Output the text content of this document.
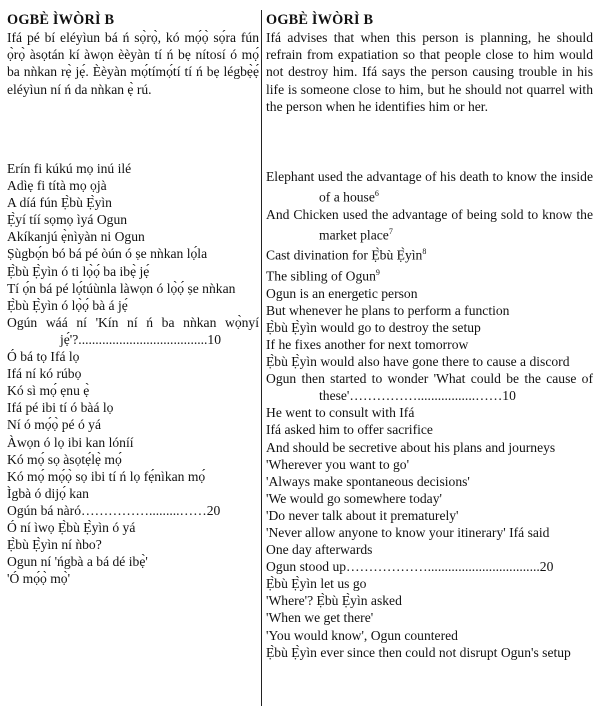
OGBÈ ÌWÒRÌ B
Ifá pé bí eléyìun bá ń sọ̀rọ̀, kó mọ́ọ̀ sọ́ra fún ọ̀rọ̀ àsọtán kí àwọn èèyàn tí ń bẹ nítosí ó mọ́ ba nǹkan rẹ̀ jẹ́. Èèyàn mọ́tímọ́tí tí ń bẹ légbẹ̀ẹ́ eléyìun ní ń da nǹkan ẹ̀ rú.
Erín fi kúkú mọ inú ilé
Adìẹ fi títà mọ ọjà
A díá fún Ẹ̀bù Ẹ̀yìn
Ẹ̀yí tíí sọmọ ìyá Ogun
Akíkanjú ẹ̀nìyàn ni Ogun
Ṣùgbọ́n bó bá pé òún ó ṣe nǹkan lọ́la
Ẹ̀bù Ẹ̀yìn ó ti lọ̀ọ́ ba ibẹ̀ jẹ́
Tí ọ́n bá pé lọ́túùnla làwọn ó lọ̀ọ́ ṣe nǹkan
Ẹ̀bù Ẹ̀yìn ó lọ̀ọ́ bà á jẹ́
Ogún wáá ní 'Kín ní ń ba nǹkan wọ̀nyí jẹ́'?......................................10
Ó bá tọ Ifá lọ
Ifá ní kó rúbọ
Kó sì mọ́ ẹnu ẹ̀
Ifá pé ibi tí ó bàá lọ
Ní ó mọ́ọ̀ pé ó yá
Àwọn ó lọ ibi kan lóníí
Kó mọ́ sọ àsọtẹ́lẹ̀ mọ́
Kó mọ́ mọ́ọ̀ sọ ibi tí ń lọ fẹ́nìkan mọ́
Ìgbà ó dijọ́ kan
Ogún bá nàró…………….........……20
Ó ní ìwọ Ẹ̀bù Ẹ̀yìn ó yá
Ẹ̀bù Ẹ̀yìn ní ǹbo?
Ogun ní 'ńgbà a bá dé ibẹ̀'
'Ó mọ́ọ̀ mọ̀'
OGBÈ ÌWÒRÌ B
Ifá advises that when this person is planning, he should refrain from expatiation so that people close to him would not destroy him. Ifá says the person causing trouble in his life is someone close to him, but he should not quarrel with the person when he identifies him or her.
Elephant used the advantage of his death to know the inside of a house$^6$
And Chicken used the advantage of being sold to know the market place$^7$
Cast divination for Ẹ̀bù Ẹ̀yìn$^8$
The sibling of Ogun$^9$
Ogun is an energetic person
But whenever he plans to perform a function
Ẹ̀bù Ẹ̀yìn would go to destroy the setup
If he fixes another for next tomorrow
Ẹ̀bù Ẹ̀yìn would also have gone there to cause a discord
Ogun then started to wonder 'What could be the cause of these'…………….................……10
He went to consult with Ifá
Ifá asked him to offer sacrifice
And should be secretive about his plans and journeys
'Wherever you want to go'
'Always make spontaneous decisions'
'We would go somewhere today'
'Do never talk about it prematurely'
'Never allow anyone to know your itinerary' Ifá said
One day afterwards
Ogun stood up……………….................................20
Ẹ̀bù Ẹ̀yìn let us go
'Where'? Ẹ̀bù Ẹ̀yìn asked
'When we get there'
'You would know', Ogun countered
Ẹ̀bù Ẹ̀yìn ever since then could not disrupt Ogun's setup
